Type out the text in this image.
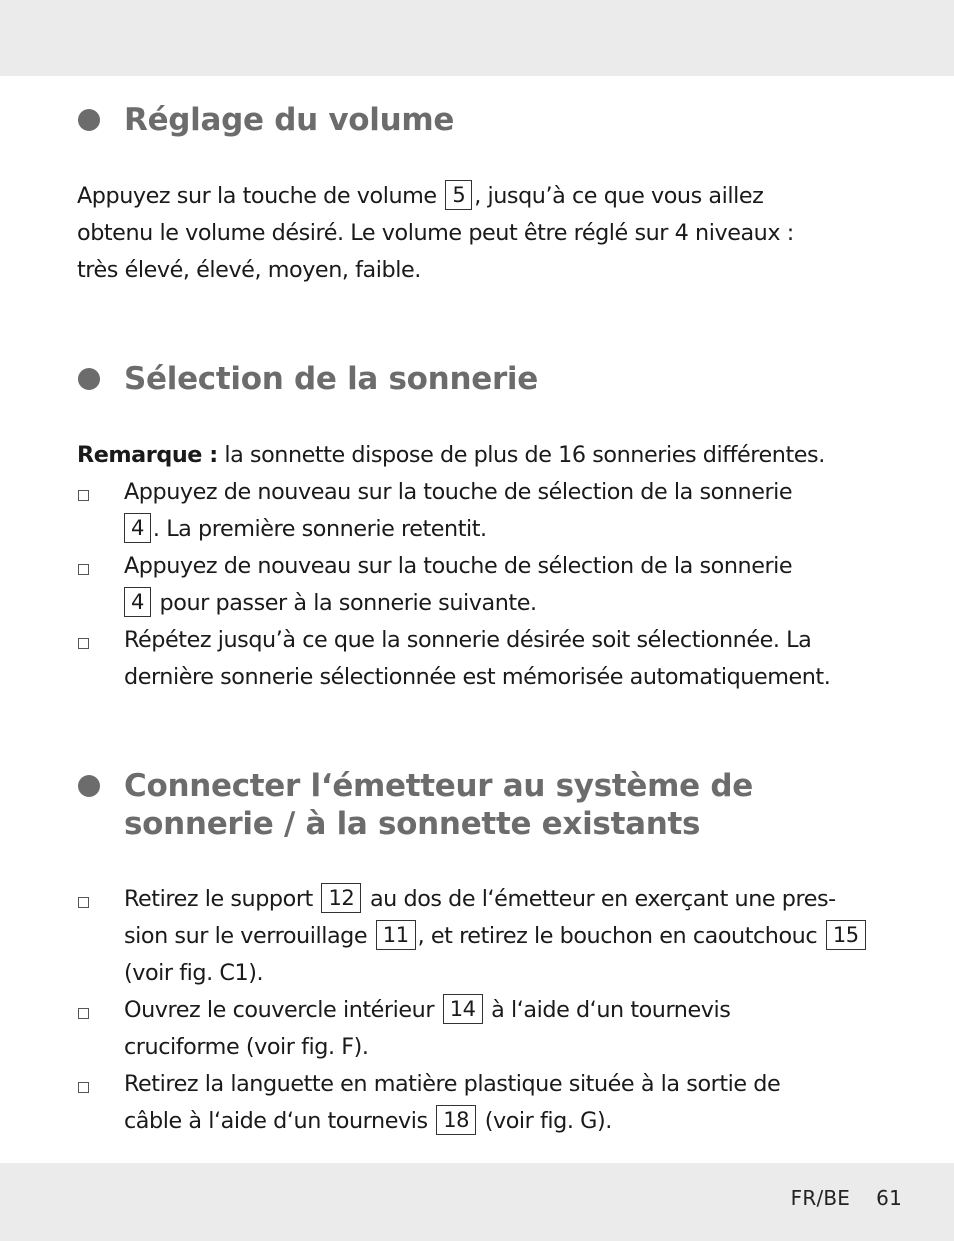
Réglage du volume

Appuyez sur la touche de volume 5 , jusqu’à ce que vous aillez
obtenu le volume désiré. Le volume peut être réglé sur 4 niveaux :
très élevé, élevé, moyen, faible.

Sélection de la sonnerie

Remarque : la sonnette dispose de plus de 16 sonneries différentes.

Appuyez de nouveau sur la touche de sélection de la sonnerie
4 . La première sonnerie retentit.

Appuyez de nouveau sur la touche de sélection de la sonnerie
4 pour passer à la sonnerie suivante.

Répétez jusqu’à ce que la sonnerie désirée soit sélectionnée. La
dernière sonnerie sélectionnée est mémorisée automatiquement.

Connecter l‘émetteur au système de
sonnerie / à la sonnette existants

Retirez le support 12 au dos de l‘émetteur en exerçant une pres-
sion sur le verrouillage 11 , et retirez le bouchon en caoutchouc 15
(voir fig. C1).

Ouvrez le couvercle intérieur 14 à l‘aide d‘un tournevis
cruciforme (voir fig. F).

Retirez la languette en matière plastique située à la sortie de
câble à l‘aide d‘un tournevis 18 (voir fig. G).

FR/BE 61
